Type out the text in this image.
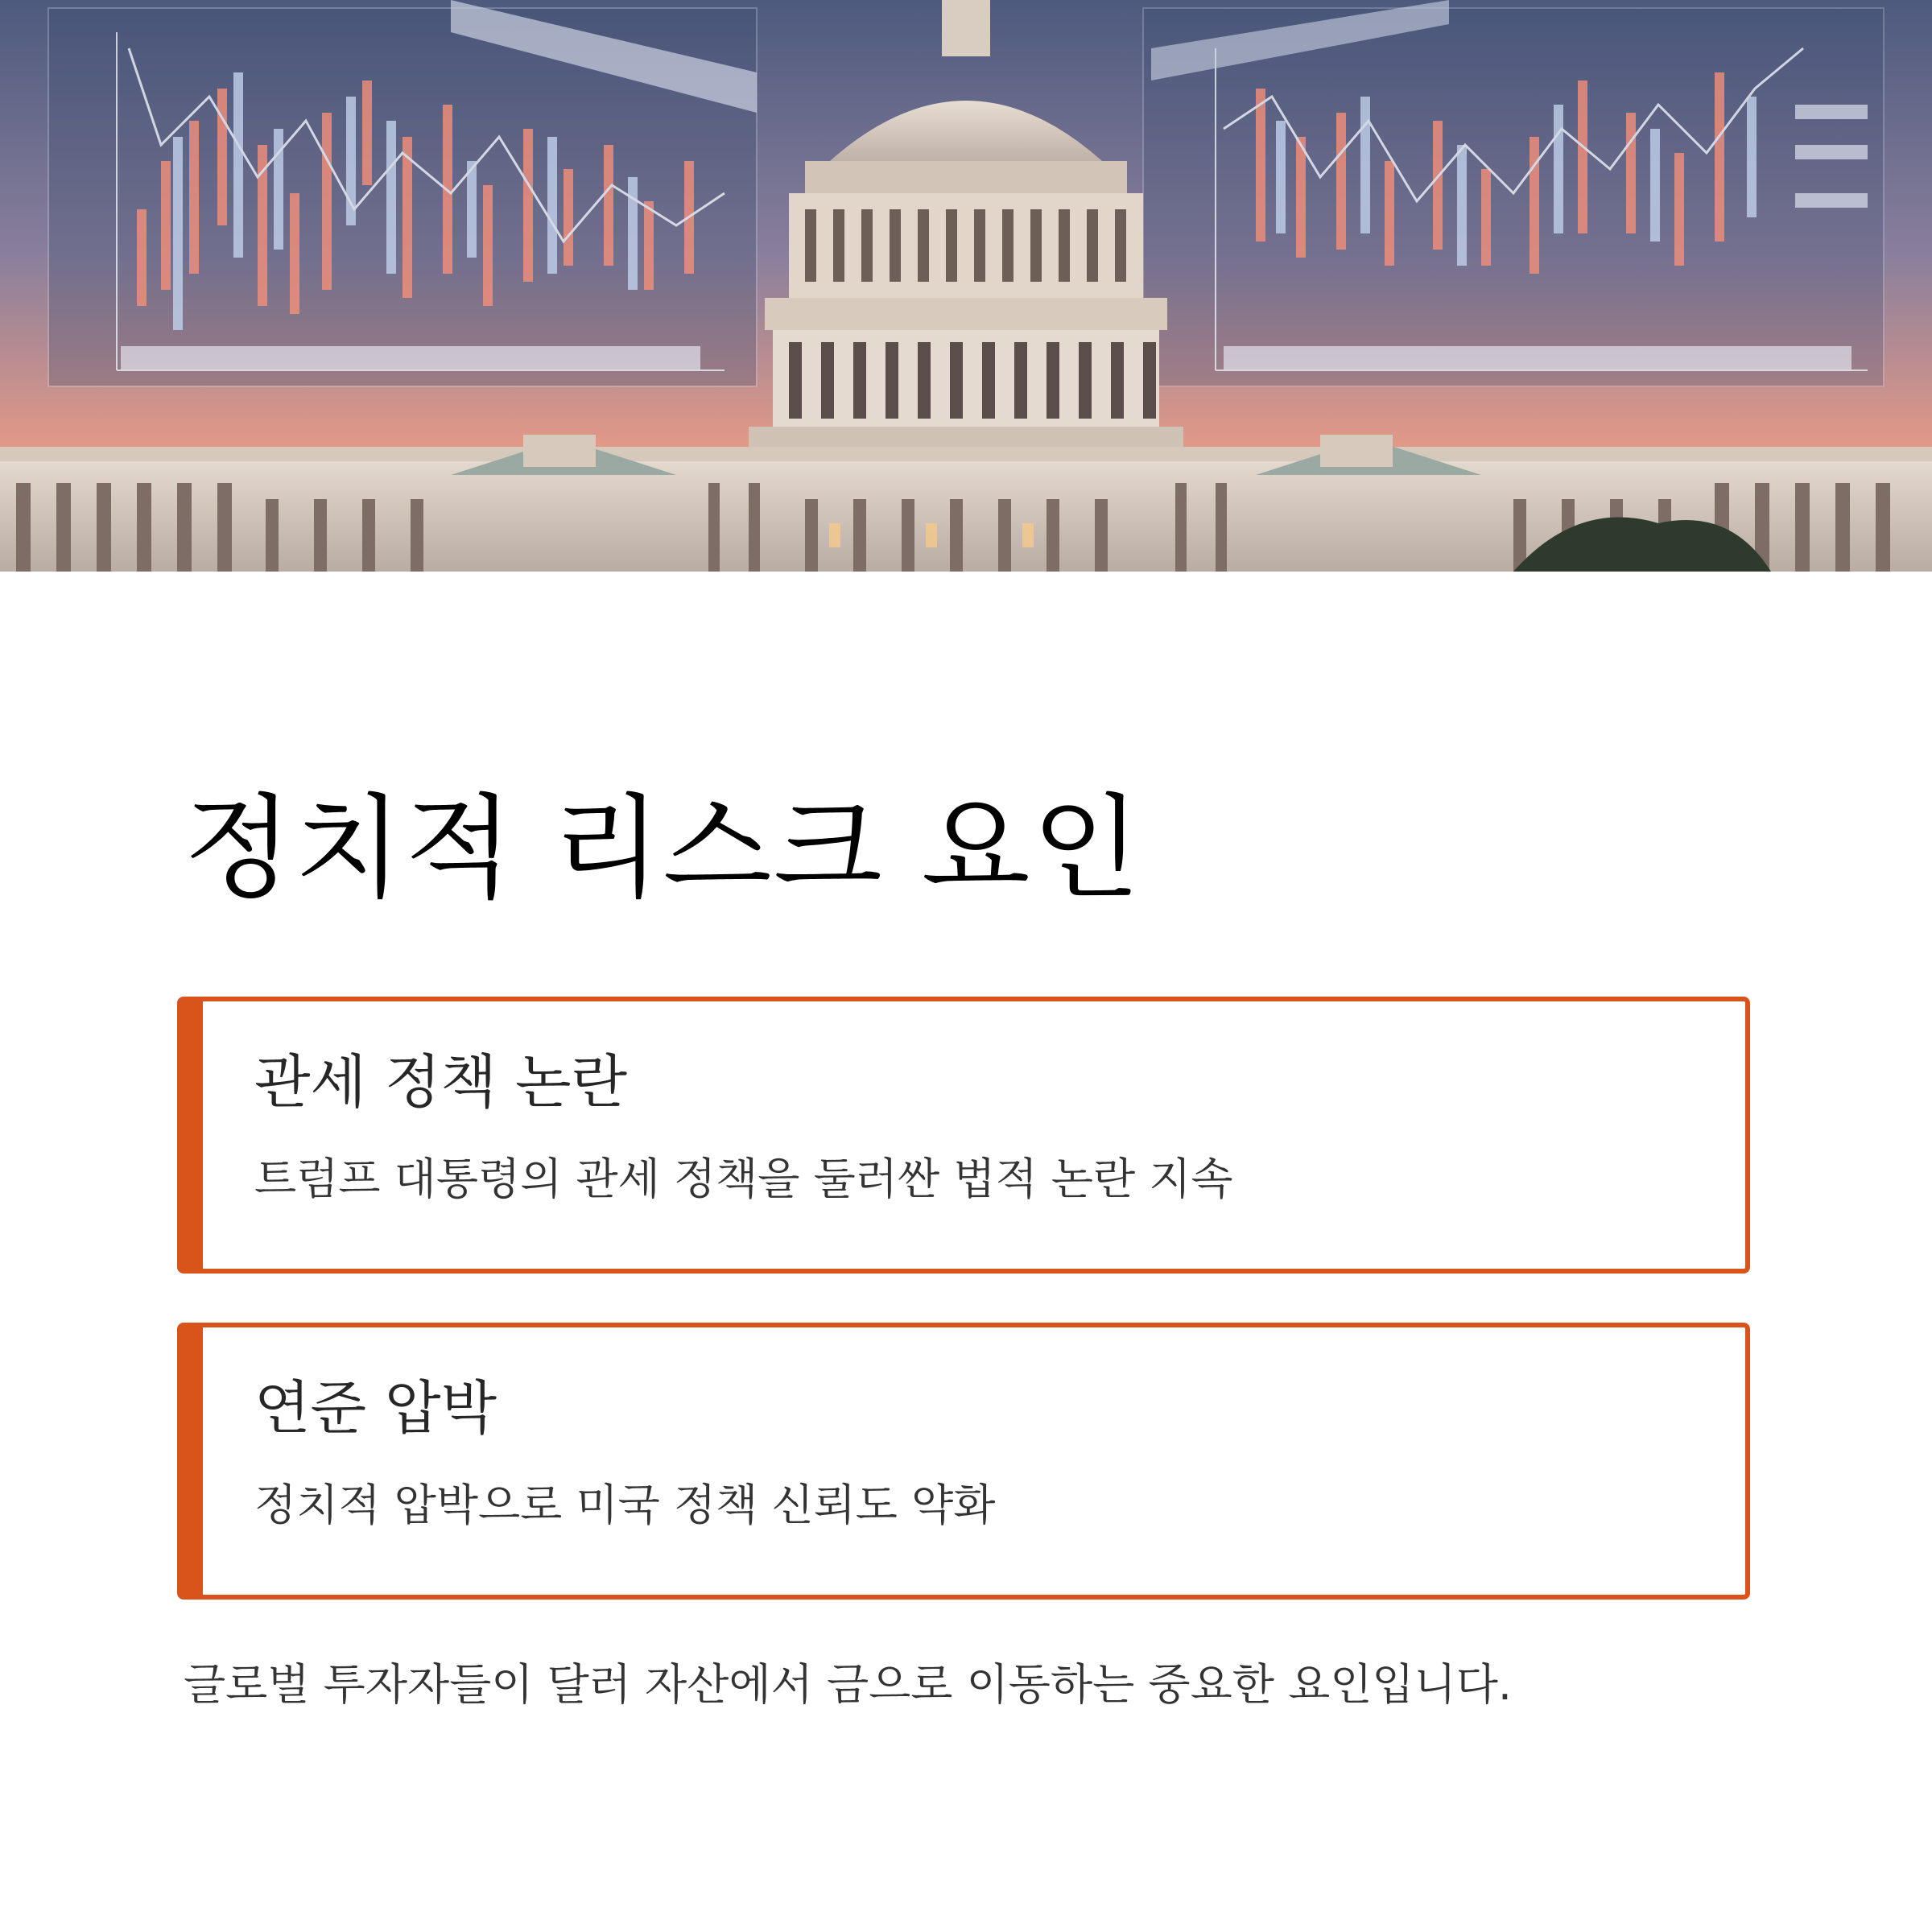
정치적 리스크 요인
관세 정책 논란
트럼프 대통령의 관세 정책을 둘러싼 법적 논란 지속
연준 압박
정치적 압박으로 미국 정책 신뢰도 약화
글로벌 투자자들이 달러 자산에서 금으로 이동하는 중요한 요인입니다.
